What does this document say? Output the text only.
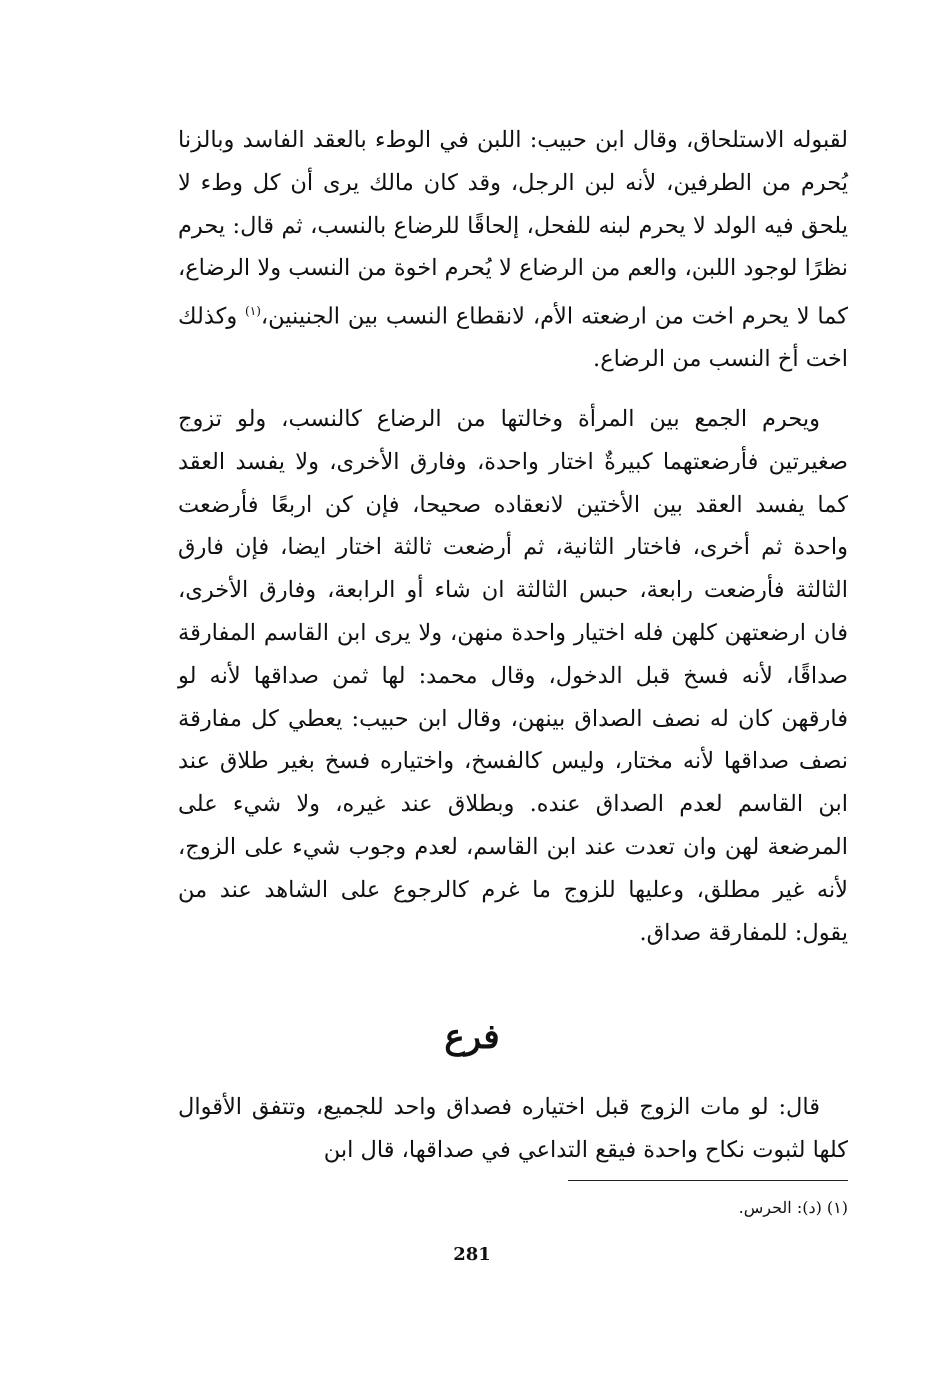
لقبوله الاستلحاق، وقال ابن حبيب: اللبن في الوطء بالعقد الفاسد وبالزنا يُحرم من الطرفين، لأنه لبن الرجل، وقد كان مالك يرى أن كل وطء لا يلحق فيه الولد لا يحرم لبنه للفحل، إلحاقًا للرضاع بالنسب، ثم قال: يحرم نظرًا لوجود اللبن، والعم من الرضاع لا يُحرم اخوة من النسب ولا الرضاع، كما لا يحرم اخت من ارضعته الأم، لانقطاع النسب بين الجنينين،$^{(١)}$ وكذلك اخت أخ النسب من الرضاع.

ويحرم الجمع بين المرأة وخالتها من الرضاع كالنسب، ولو تزوج صغيرتين فأرضعتهما كبيرةٌ اختار واحدة، وفارق الأخرى، ولا يفسد العقد كما يفسد العقد بين الأختين لانعقاده صحيحا، فإن كن اربعًا فأرضعت واحدة ثم أخرى، فاختار الثانية، ثم أرضعت ثالثة اختار ايضا، فإن فارق الثالثة فأرضعت رابعة، حبس الثالثة ان شاء أو الرابعة، وفارق الأخرى، فان ارضعتهن كلهن فله اختيار واحدة منهن، ولا يرى ابن القاسم المفارقة صداقًا، لأنه فسخ قبل الدخول، وقال محمد: لها ثمن صداقها لأنه لو فارقهن كان له نصف الصداق بينهن، وقال ابن حبيب: يعطي كل مفارقة نصف صداقها لأنه مختار، وليس كالفسخ، واختياره فسخ بغير طلاق عند ابن القاسم لعدم الصداق عنده. وبطلاق عند غيره، ولا شيء على المرضعة لهن وان تعدت عند ابن القاسم، لعدم وجوب شيء على الزوج، لأنه غير مطلق، وعليها للزوج ما غرم كالرجوع على الشاهد عند من يقول: للمفارقة صداق.

فرع

قال: لو مات الزوج قبل اختياره فصداق واحد للجميع، وتتفق الأقوال كلها لثبوت نكاح واحدة فيقع التداعي في صداقها، قال ابن

(١) (د): الحرس.
281
